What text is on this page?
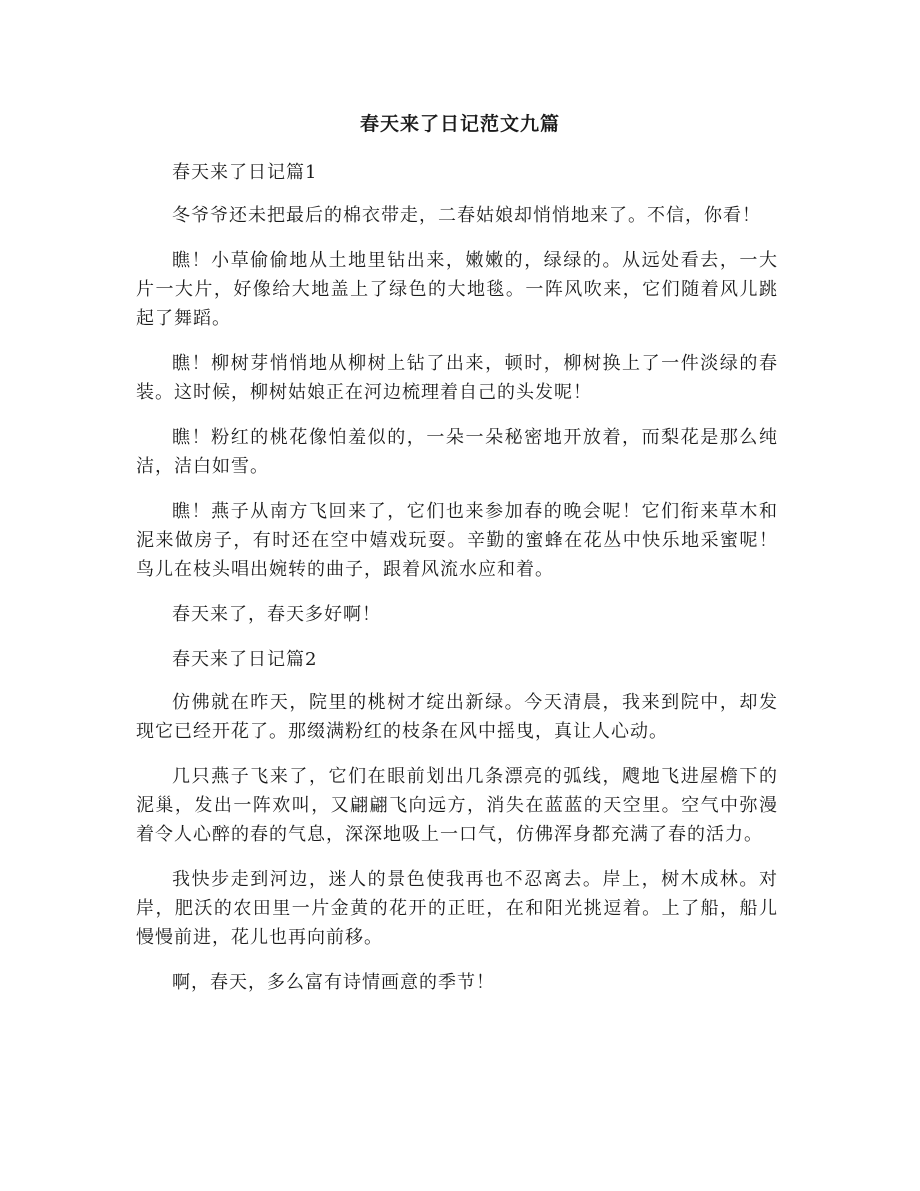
春天来了日记范文九篇

春天来了日记篇1

冬爷爷还未把最后的棉衣带走，二春姑娘却悄悄地来了。不信，你看！

瞧！小草偷偷地从土地里钻出来，嫩嫩的，绿绿的。从远处看去，一大片一大片，好像给大地盖上了绿色的大地毯。一阵风吹来，它们随着风儿跳起了舞蹈。

瞧！柳树芽悄悄地从柳树上钻了出来，顿时，柳树换上了一件淡绿的春装。这时候，柳树姑娘正在河边梳理着自己的头发呢！

瞧！粉红的桃花像怕羞似的，一朵一朵秘密地开放着，而梨花是那么纯洁，洁白如雪。

瞧！燕子从南方飞回来了，它们也来参加春的晚会呢！它们衔来草木和泥来做房子，有时还在空中嬉戏玩耍。辛勤的蜜蜂在花丛中快乐地采蜜呢！鸟儿在枝头唱出婉转的曲子，跟着风流水应和着。

春天来了，春天多好啊！

春天来了日记篇2

仿佛就在昨天，院里的桃树才绽出新绿。今天清晨，我来到院中，却发现它已经开花了。那缀满粉红的枝条在风中摇曳，真让人心动。

几只燕子飞来了，它们在眼前划出几条漂亮的弧线，飕地飞进屋檐下的泥巢，发出一阵欢叫，又翩翩飞向远方，消失在蓝蓝的天空里。空气中弥漫着令人心醉的春的气息，深深地吸上一口气，仿佛浑身都充满了春的活力。

我快步走到河边，迷人的景色使我再也不忍离去。岸上，树木成林。对岸，肥沃的农田里一片金黄的花开的正旺，在和阳光挑逗着。上了船，船儿慢慢前进，花儿也再向前移。

啊，春天，多么富有诗情画意的季节！
